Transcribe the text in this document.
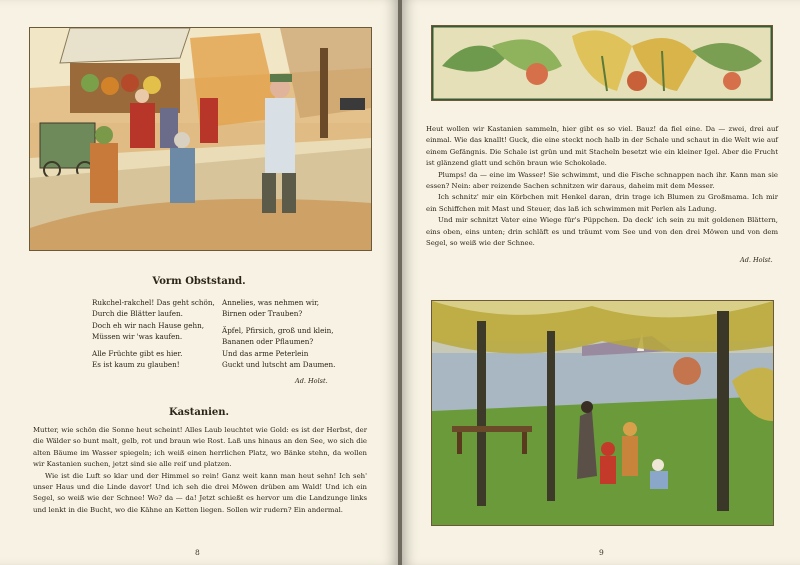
Vorm Obststand.
Rukchel-rakchel! Das geht schön,
Durch die Blätter laufen.
Doch eh wir nach Hause gehn,
Müssen wir 'was kaufen.
Alle Früchte gibt es hier.
Es ist kaum zu glauben!
Annelies, was nehmen wir,
Birnen oder Trauben?
Äpfel, Pfirsich, groß und klein,
Bananen oder Pflaumen?
Und das arme Peterlein
Guckt und lutscht am Daumen.
Ad. Holst.
Kastanien.

Mutter, wie schön die Sonne heut scheint! Alles Laub leuchtet wie Gold: es ist der Herbst, der die Wälder so bunt malt, gelb, rot und braun wie Rost. Laß uns hinaus an den See, wo sich die alten Bäume im Wasser spiegeln; ich weiß einen herrlichen Platz, wo Bänke stehn, da wollen wir Kastanien suchen, jetzt sind sie alle reif und platzen.

Wie ist die Luft so klar und der Himmel so rein! Ganz weit kann man heut sehn! Ich seh' unser Haus und die Linde davor! Und ich seh die drei Möwen drüben am Wald! Und ich ein Segel, so weiß wie der Schnee! Wo? da — da! Jetzt schießt es hervor um die Landzunge links und lenkt in die Bucht, wo die Kähne an Ketten liegen. Sollen wir rudern? Ein andermal.

8

Heut wollen wir Kastanien sammeln, hier gibt es so viel. Bauz! da fiel eine. Da — zwei, drei auf einmal. Wie das knallt! Guck, die eine steckt noch halb in der Schale und schaut in die Welt wie auf einem Gefängnis. Die Schale ist grün und mit Stacheln besetzt wie ein kleiner Igel. Aber die Frucht ist glänzend glatt und schön braun wie Schokolade.

Plumps! da — eine im Wasser! Sie schwimmt, und die Fische schnappen nach ihr. Kann man sie essen? Nein: aber reizende Sachen schnitzen wir daraus, daheim mit dem Messer.

Ich schnitz' mir ein Körbchen mit Henkel daran, drin trage ich Blumen zu Großmama. Ich mir ein Schiffchen mit Mast und Steuer, das laß ich schwimmen mit Perlen als Ladung.

Und mir schnitzt Vater eine Wiege für's Püppchen. Da deck' ich sein zu mit goldenen Blättern, eins oben, eins unten; drin schläft es und träumt vom See und von den drei Möwen und von dem Segel, so weiß wie der Schnee.

Ad. Holst.
9
